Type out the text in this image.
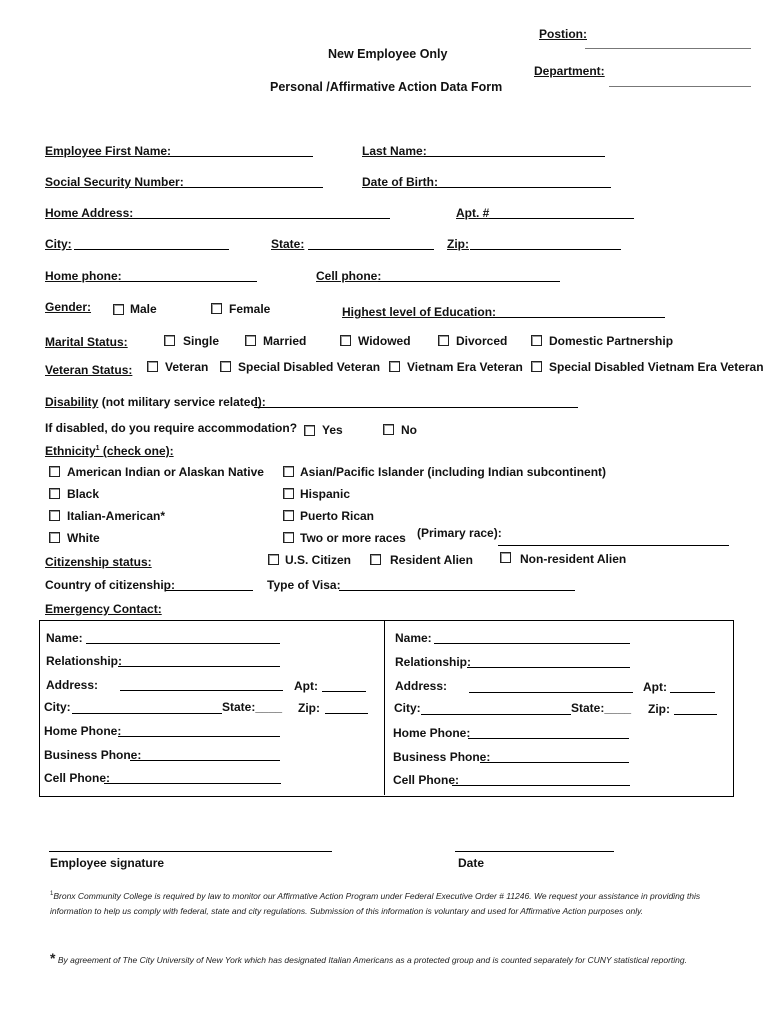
Postion:
New Employee Only
Department:
Personal /Affirmative Action Data Form
Employee First Name:	Last Name:
Social Security Number:	Date of Birth:
Home Address:	Apt. #
City:	State:	Zip:
Home phone:	Cell phone:
Gender:	Male	Female	Highest level of Education:
Marital Status:	Single	Married	Widowed	Divorced	Domestic Partnership
Veteran Status:	Veteran Special Disabled Veteran Vietnam Era Veteran Special Disabled Vietnam Era Veteran
Disability (not military service related):
If disabled, do you require accommodation? Yes	No
Ethnicity$^1$ (check one):
American Indian or Alaskan Native
Black
Italian-American*
White
Asian/Pacific Islander (including Indian subcontinent)
Hispanic
Puerto Rican
Two or more races (Primary race):
Citizenship status:	U.S. Citizen	Resident Alien	Non-resident Alien
Country of citizenship:	Type of Visa:
Emergency Contact:
Name:
Relationship:
Address:	Apt:
City:	State:____ Zip:
Home Phone:
Business Phone:
Cell Phone:
Name:
Relationship:
Address:	Apt:
City:	State:____ Zip:
Home Phone:
Business Phone:
Cell Phone:
Employee signature	Date
$^1$Bronx Community College is required by law to monitor our Affirmative Action Program under Federal Executive Order # 11246. We request your assistance in providing this information to help us comply with federal, state and city regulations. Submission of this information is voluntary and used for Affirmative Action purposes only.
* By agreement of The City University of New York which has designated Italian Americans as a protected group and is counted separately for CUNY statistical reporting.
